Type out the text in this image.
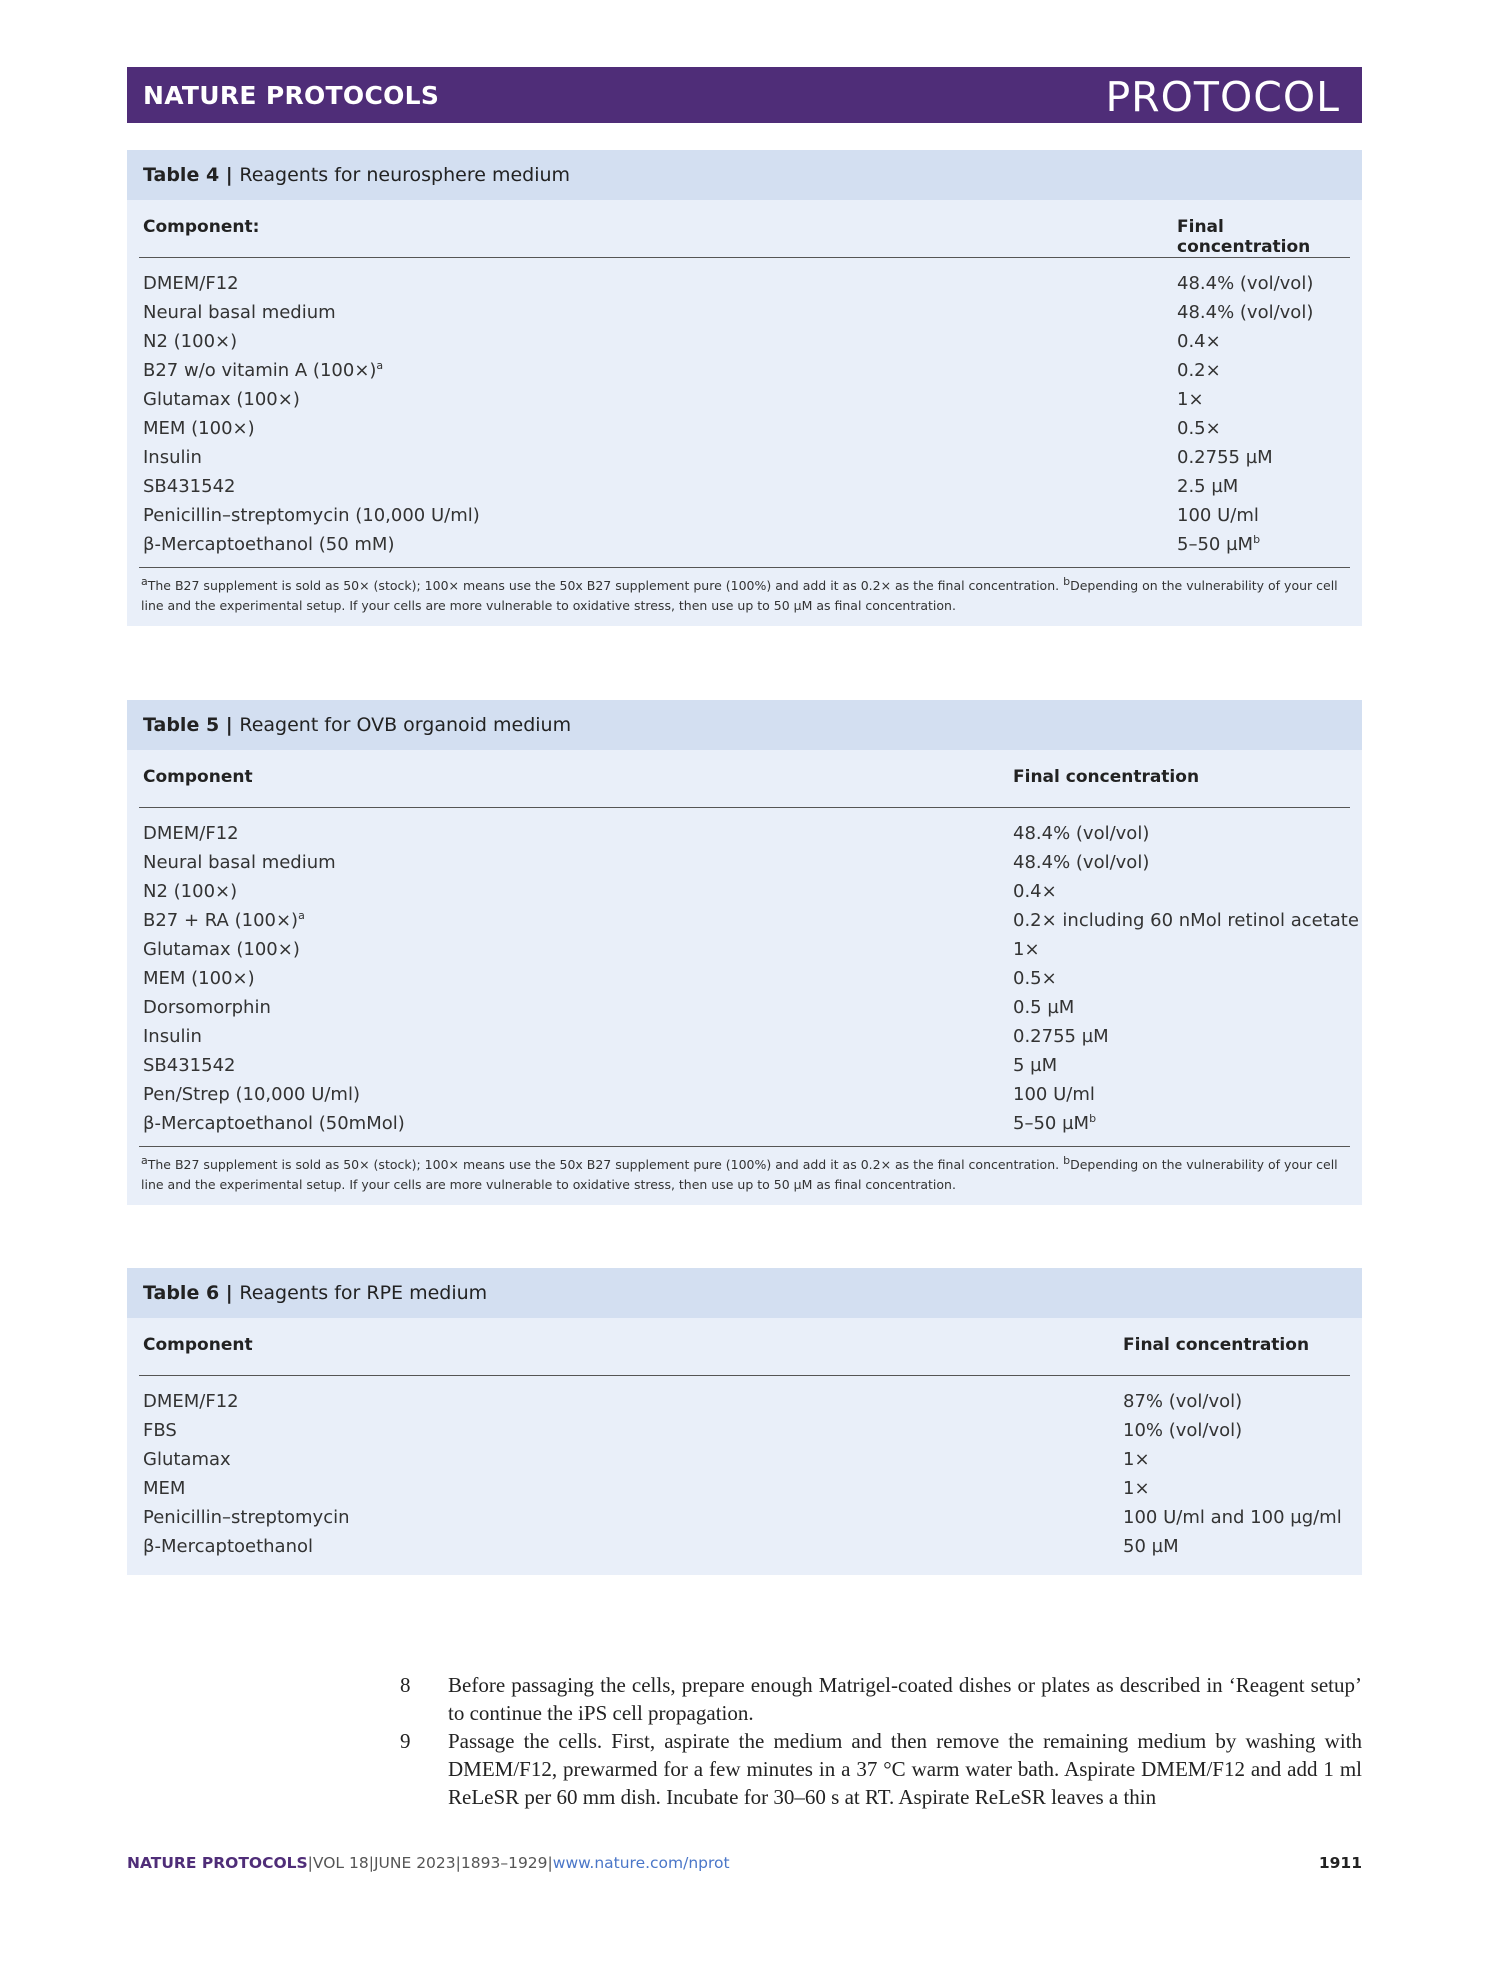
NATURE PROTOCOLS	PROTOCOL
Table 4 | Reagents for neurosphere medium
Component:	Final concentration
DMEM/F12	48.4% (vol/vol)
Neural basal medium	48.4% (vol/vol)
N2 (100×)	0.4×
B27 w/o vitamin A $(100\times)^a$	0.2×
Glutamax (100×)	1×
MEM (100×)	0.5×
Insulin	0.2755 µM
SB431542	2.5 µM
Penicillin–streptomycin (10,000 U/ml)	100 U/ml
β-Mercaptoethanol (50 mM)	5–50 µM$^b$
$^a$The B27 supplement is sold as 50× (stock); 100× means use the 50x B27 supplement pure (100%) and add it as 0.2× as the final concentration. $^b$Depending on the vulnerability of your cell line and the experimental setup. If your cells are more vulnerable to oxidative stress, then use up to 50 µM as final concentration.
Table 5 | Reagent for OVB organoid medium
Component	Final concentration
DMEM/F12	48.4% (vol/vol)
Neural basal medium	48.4% (vol/vol)
N2 (100×)	0.4×
B27 + RA $(100\times)^a$	0.2× including 60 nMol retinol acetate
Glutamax (100×)	1×
MEM (100×)	0.5×
Dorsomorphin	0.5 µM
Insulin	0.2755 µM
SB431542	5 µM
Pen/Strep (10,000 U/ml)	100 U/ml
β-Mercaptoethanol (50mMol)	5–50 µM$^b$
$^a$The B27 supplement is sold as 50× (stock); 100× means use the 50x B27 supplement pure (100%) and add it as 0.2× as the final concentration. $^b$Depending on the vulnerability of your cell line and the experimental setup. If your cells are more vulnerable to oxidative stress, then use up to 50 µM as final concentration.
Table 6 | Reagents for RPE medium
Component	Final concentration
DMEM/F12	87% (vol/vol)
FBS	10% (vol/vol)
Glutamax	1×
MEM	1×
Penicillin–streptomycin	100 U/ml and 100 µg/ml
β-Mercaptoethanol	50 µM
8 Before passaging the cells, prepare enough Matrigel-coated dishes or plates as described in ‘Reagent setup’ to continue the iPS cell propagation.
9 Passage the cells. First, aspirate the medium and then remove the remaining medium by washing with DMEM/F12, prewarmed for a few minutes in a 37 °C warm water bath. Aspirate DMEM/F12 and add 1 ml ReLeSR per 60 mm dish. Incubate for 30–60 s at RT. Aspirate ReLeSR leaves a thin
NATURE PROTOCOLS|VOL 18|JUNE 2023|1893–1929|www.nature.com/nprot	1911
